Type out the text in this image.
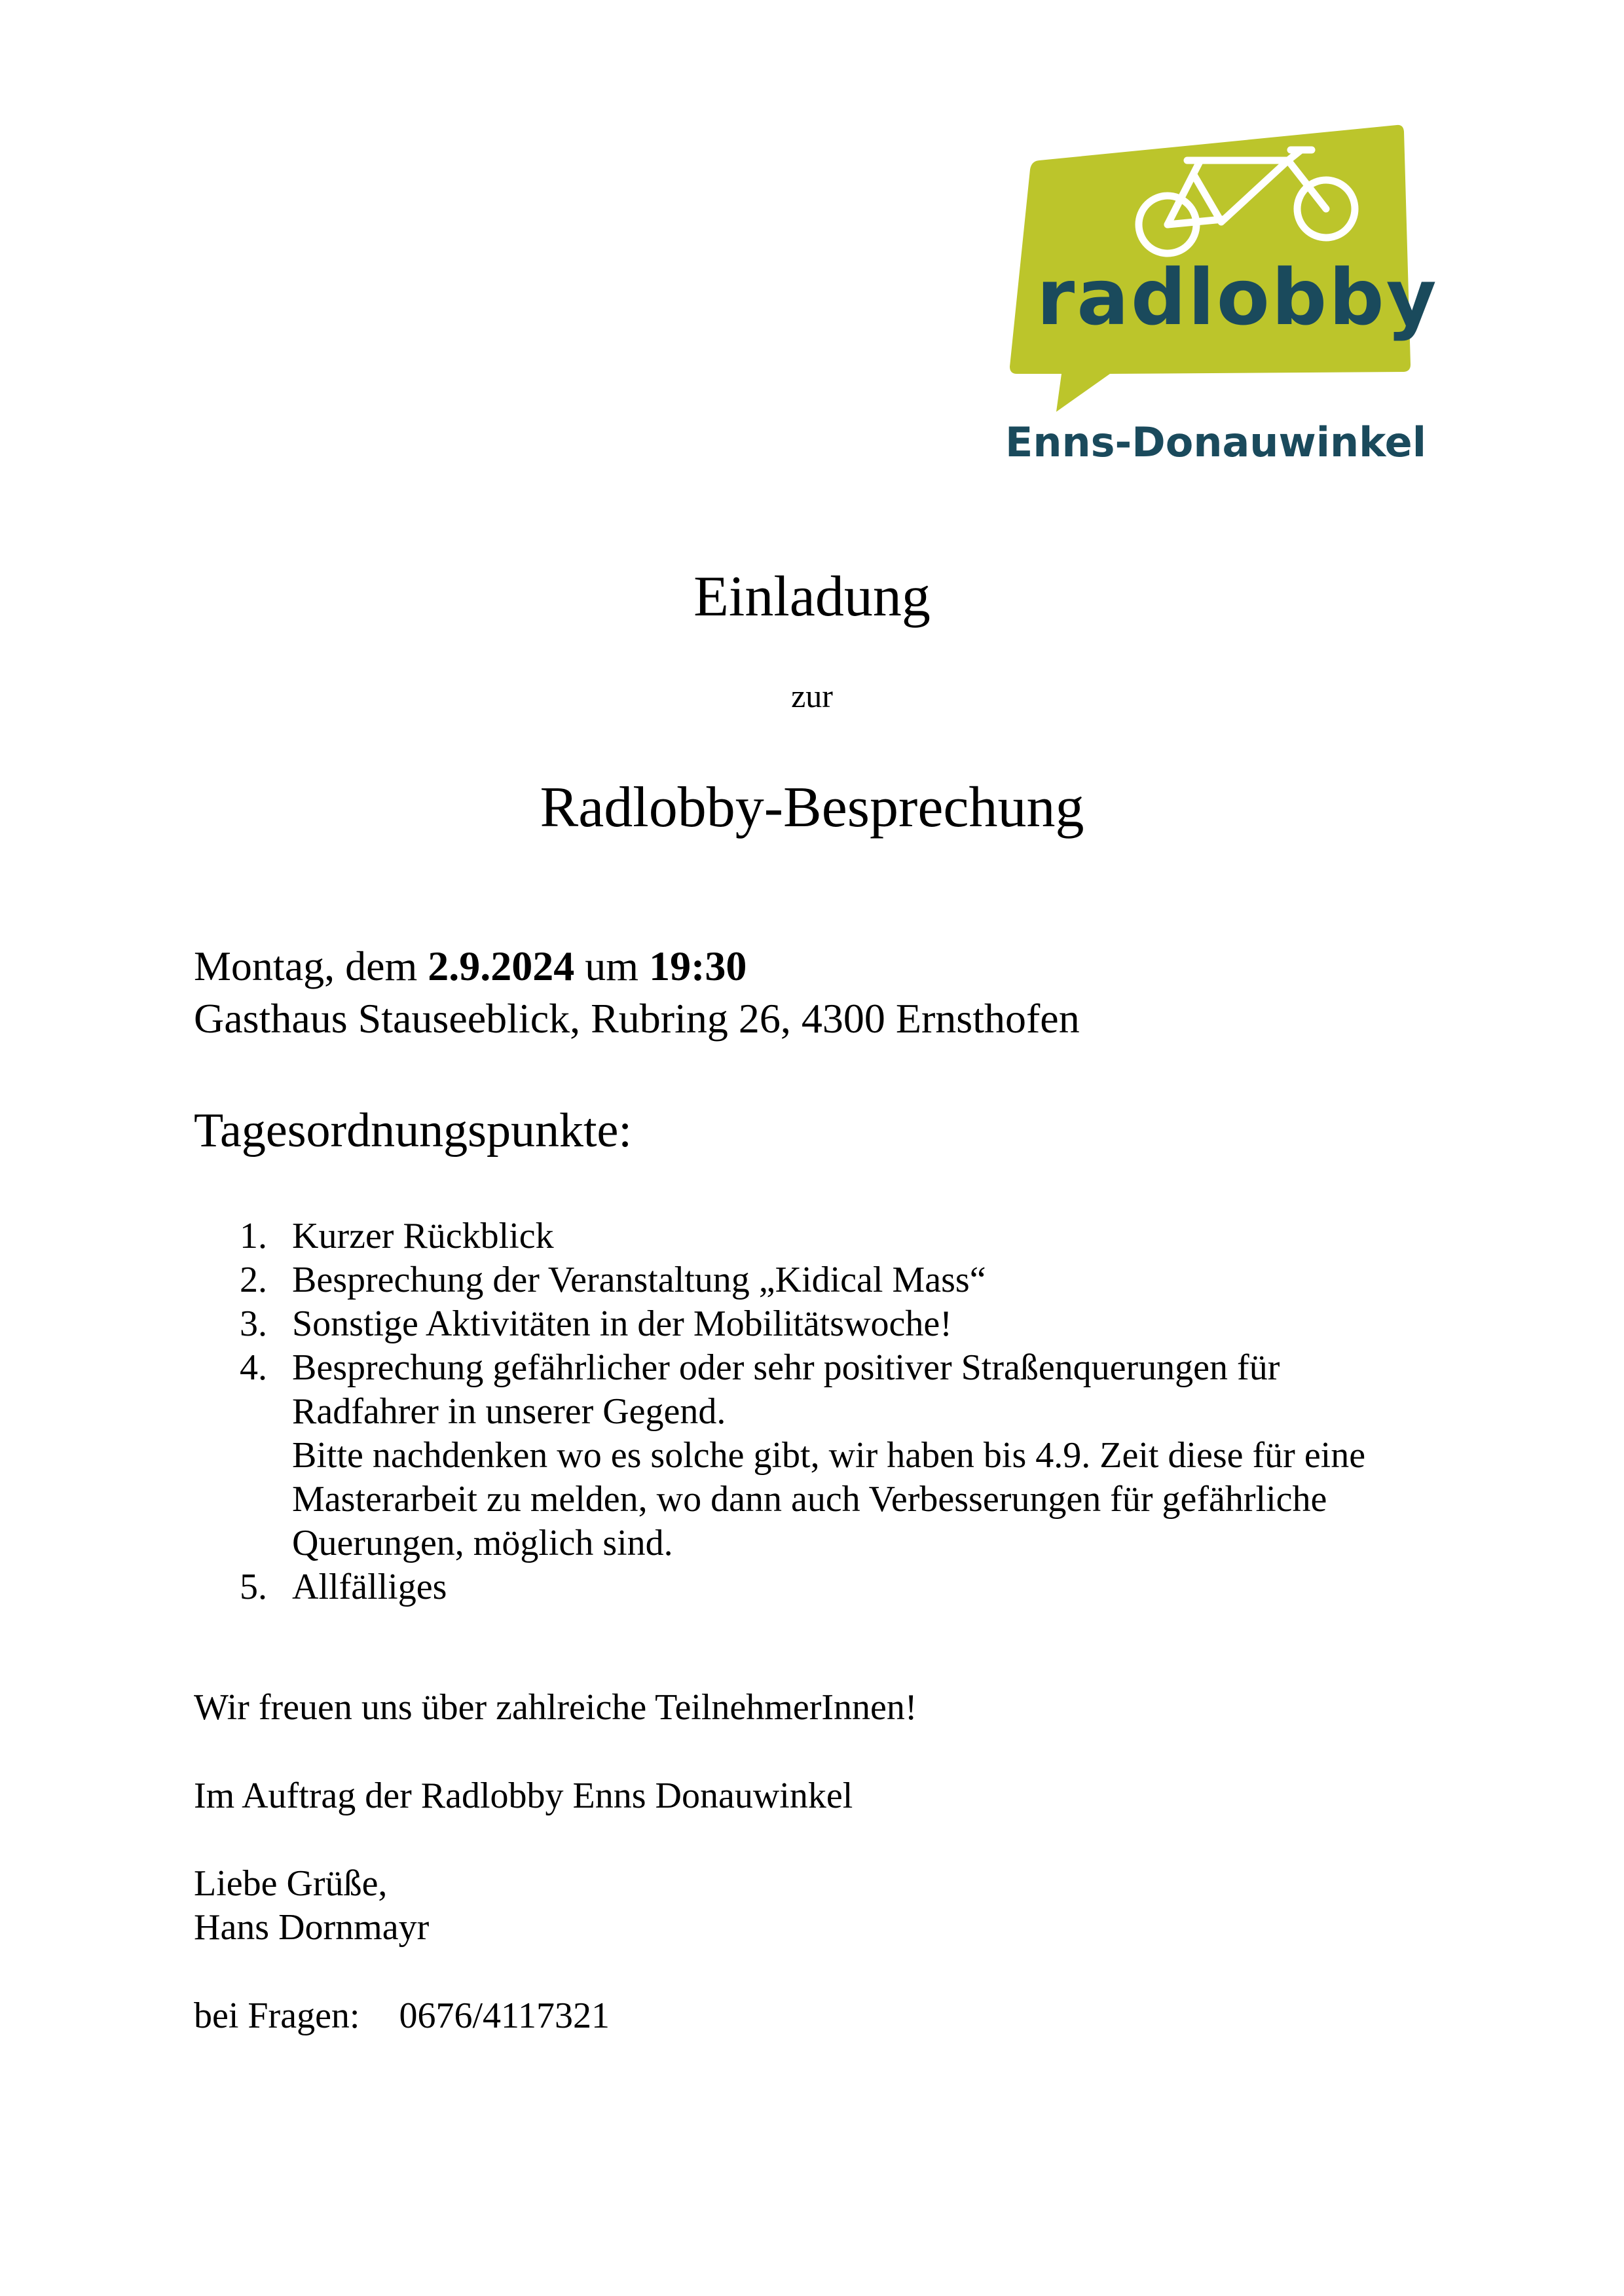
radlobby
Enns-Donauwinkel
Einladung
zur
Radlobby-Besprechung
Montag, dem 2.9.2024 um 19:30
Gasthaus Stauseeblick, Rubring 26, 4300 Ernsthofen
Tagesordnungspunkte:
1. Kurzer Rückblick
2. Besprechung der Veranstaltung „Kidical Mass“
3. Sonstige Aktivitäten in der Mobilitätswoche!
4. Besprechung gefährlicher oder sehr positiver Straßenquerungen für
Radfahrer in unserer Gegend.
Bitte nachdenken wo es solche gibt, wir haben bis 4.9. Zeit diese für eine
Masterarbeit zu melden, wo dann auch Verbesserungen für gefährliche
Querungen, möglich sind.
5. Allfälliges
Wir freuen uns über zahlreiche TeilnehmerInnen!
Im Auftrag der Radlobby Enns Donauwinkel
Liebe Grüße,
Hans Dornmayr
bei Fragen: 0676/4117321
